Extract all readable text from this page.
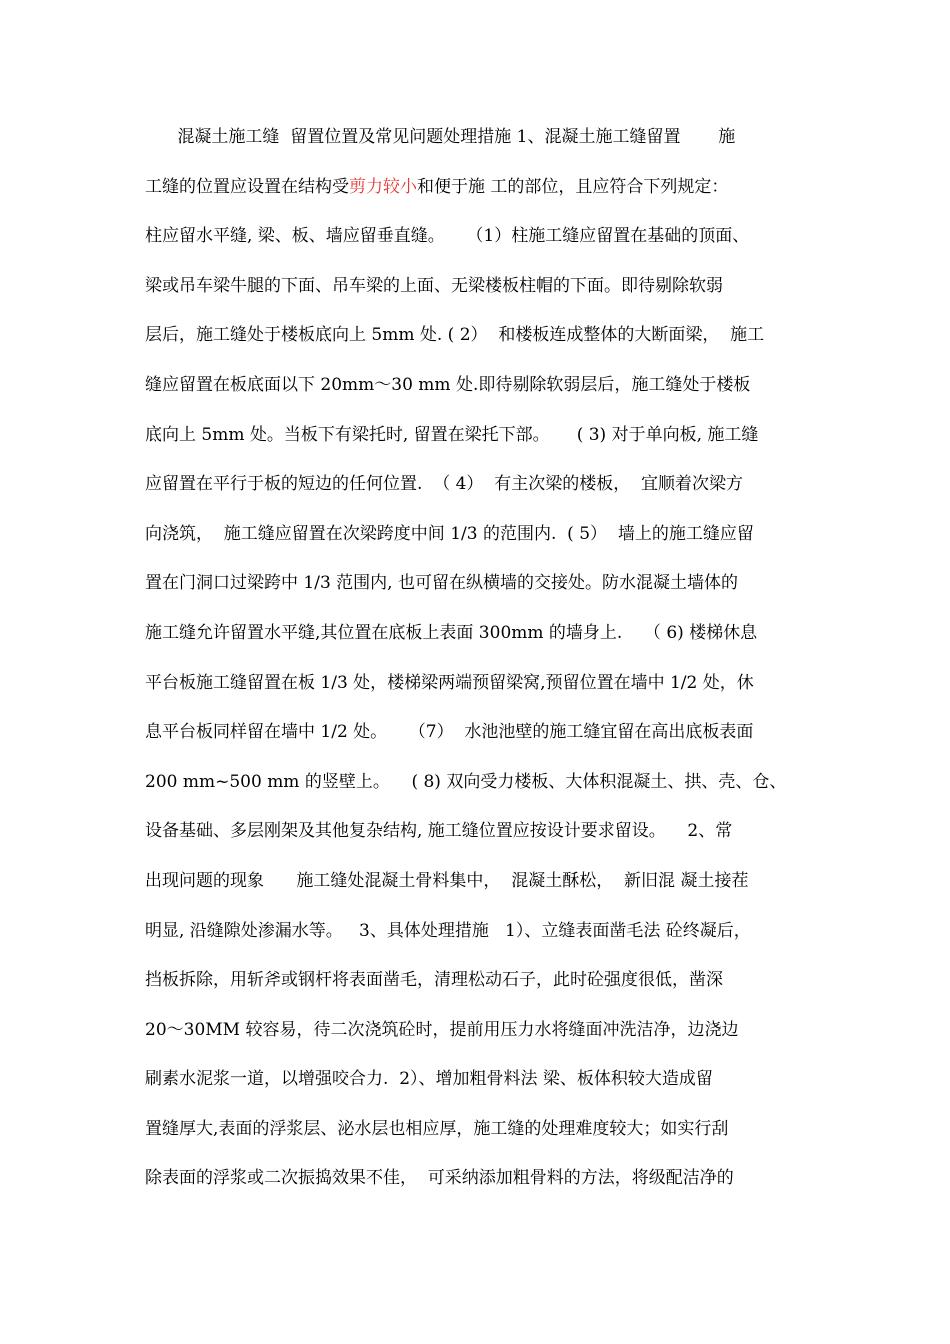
混凝土施工缝  留置位置及常见问题处理措施 1、混凝土施工缝留置       施
工缝的位置应设置在结构受剪力较小和便于施 工的部位，且应符合下列规定：
柱应留水平缝, 梁、板、墙应留垂直缝。    （1）柱施工缝应留置在基础的顶面、
梁或吊车梁牛腿的下面、吊车梁的上面、无梁楼板柱帽的下面。即待剔除软弱
层后，施工缝处于楼板底向上 5mm 处. ( 2）  和楼板连成整体的大断面梁，  施工
缝应留置在板底面以下 20mm～30 mm 处.即待剔除软弱层后，施工缝处于楼板
底向上 5mm 处。当板下有梁托时, 留置在梁托下部。     ( 3) 对于单向板, 施工缝
应留置在平行于板的短边的任何位置.  （ 4）  有主次梁的楼板，  宜顺着次梁方
向浇筑，  施工缝应留置在次梁跨度中间 1/3 的范围内.  ( 5）  墙上的施工缝应留
置在门洞口过梁跨中 1/3 范围内, 也可留在纵横墙的交接处。防水混凝土墙体的
施工缝允许留置水平缝,其位置在底板上表面 300mm 的墙身上.    （ 6) 楼梯休息
平台板施工缝留置在板 1/3 处，楼梯梁两端预留梁窝,预留位置在墙中 1/2 处，休
息平台板同样留在墙中 1/2 处。    （7）  水池池壁的施工缝宜留在高出底板表面
200 mm~500 mm 的竖壁上。    ( 8) 双向受力楼板、大体积混凝土、拱、壳、仓、
设备基础、多层刚架及其他复杂结构, 施工缝位置应按设计要求留设。    2、常
出现问题的现象      施工缝处混凝土骨料集中，  混凝土酥松，  新旧混 凝土接茬
明显, 沿缝隙处渗漏水等。   3、具体处理措施   1）、立缝表面凿毛法 砼终凝后，
挡板拆除，用斩斧或钢杆将表面凿毛，清理松动石子，此时砼强度很低，凿深
20～30MM 较容易，待二次浇筑砼时，提前用压力水将缝面冲洗洁净，边浇边
刷素水泥浆一道，以增强咬合力.  2）、增加粗骨料法 梁、板体积较大造成留
置缝厚大,表面的浮浆层、泌水层也相应厚，施工缝的处理难度较大；如实行刮
除表面的浮浆或二次振捣效果不佳，  可采纳添加粗骨料的方法，将级配洁净的
